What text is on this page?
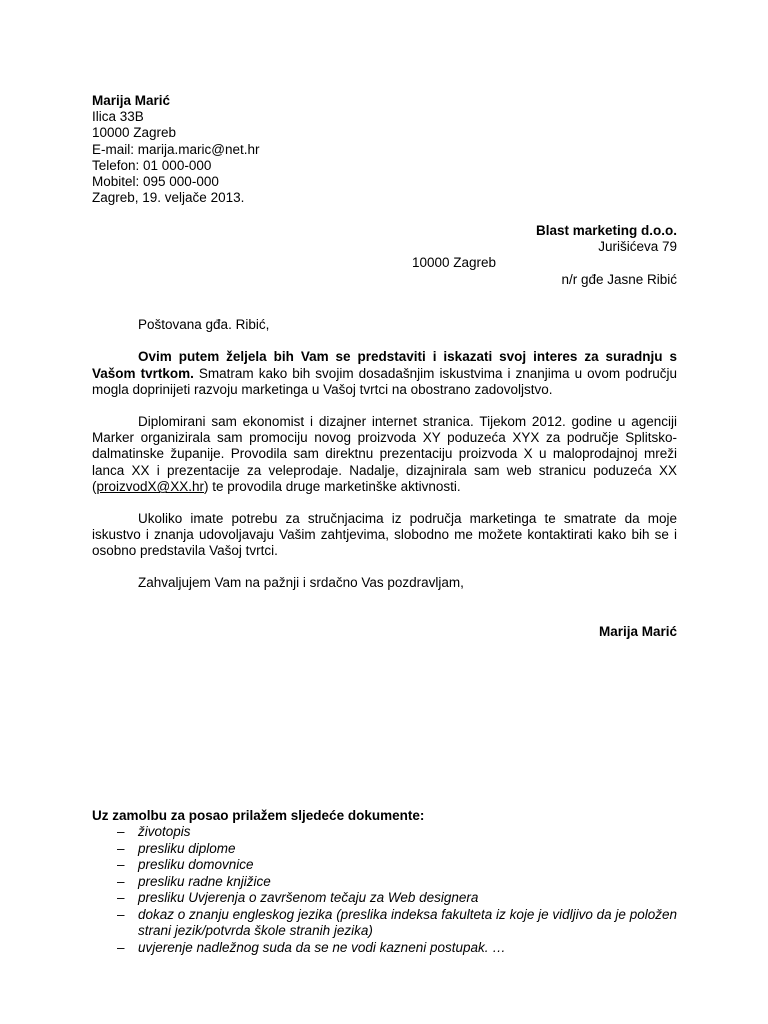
Marija Marić
Ilica 33B
10000 Zagreb
E-mail: marija.maric@net.hr
Telefon: 01 000-000
Mobitel: 095 000-000
Zagreb, 19. veljače 2013.
Blast marketing d.o.o.
Jurišićeva 79
10000 Zagreb
n/r gđe Jasne Ribić

Poštovana gđa. Ribić,

Ovim putem željela bih Vam se predstaviti i iskazati svoj interes za suradnju s Vašom tvrtkom. Smatram kako bih svojim dosadašnjim iskustvima i znanjima u ovom području mogla doprinijeti razvoju marketinga u Vašoj tvrtci na obostrano zadovoljstvo.

Diplomirani sam ekonomist i dizajner internet stranica. Tijekom 2012. godine u agenciji Marker organizirala sam promociju novog proizvoda XY poduzeća XYX za područje Splitsko-dalmatinske županije. Provodila sam direktnu prezentaciju proizvoda X u maloprodajnoj mreži lanca XX i prezentacije za veleprodaje. Nadalje, dizajnirala sam web stranicu poduzeća XX (proizvodX@XX.hr) te provodila druge marketinške aktivnosti.

Ukoliko imate potrebu za stručnjacima iz područja marketinga te smatrate da moje iskustvo i znanja udovoljavaju Vašim zahtjevima, slobodno me možete kontaktirati kako bih se i osobno predstavila Vašoj tvrtci.

Zahvaljujem Vam na pažnji i srdačno Vas pozdravljam,

Marija Marić
Uz zamolbu za posao prilažem sljedeće dokumente:
– životopis
– presliku diplome
– presliku domovnice
– presliku radne knjižice
– presliku Uvjerenja o završenom tečaju za Web designera
– dokaz o znanju engleskog jezika (preslika indeksa fakulteta iz koje je vidljivo da je položen strani jezik/potvrda škole stranih jezika)
– uvjerenje nadležnog suda da se ne vodi kazneni postupak. …
